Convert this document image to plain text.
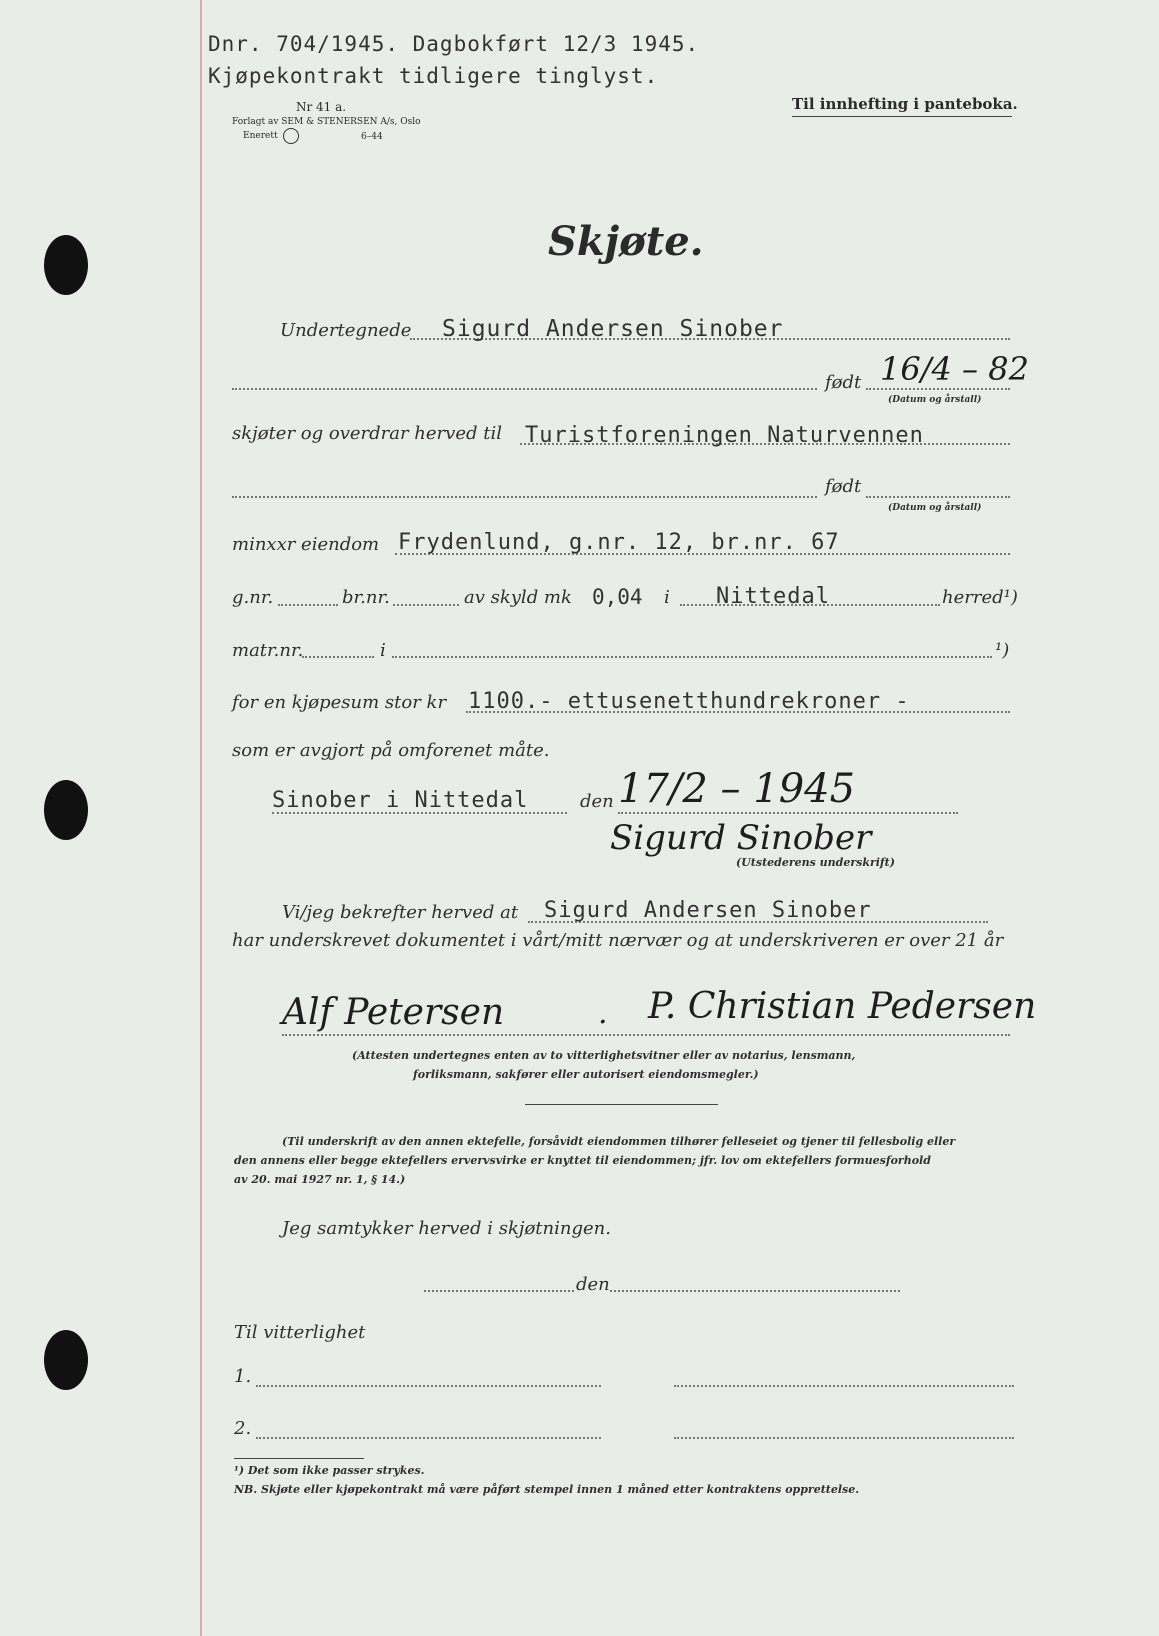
Dnr. 704/1945. Dagbokført 12/3 1945.
Kjøpekontrakt tidligere tinglyst.
Nr 41 a.
Forlagt av SEM & STENERSEN A/s, Oslo
Enerett	6–44
Til innhefting i panteboka.
Skjøte.
Undertegnede Sigurd Andersen Sinober
født 16/4 – 82
(Datum og årstall)
skjøter og overdrar herved til Turistforeningen Naturvennen
født
(Datum og årstall)
minxxr eiendom Frydenlund, g.nr. 12, br.nr. 67
g.nr.	br.nr.	av skyld mk 0,04 i Nittedal	herred¹)
matr.nr.	i	¹)
for en kjøpesum stor kr 1100.- ettusenetthundrekroner -
som er avgjort på omforenet måte.
Sinober i Nittedal	den 17/2 – 1945
Sigurd Sinober
(Utstederens underskrift)
Vi/jeg bekrefter herved at Sigurd Andersen Sinober
har underskrevet dokumentet i vårt/mitt nærvær og at underskriveren er over 21 år
Alf Petersen	. P. Christian Pedersen
(Attesten undertegnes enten av to vitterlighetsvitner eller av notarius, lensmann,
forliksmann, sakfører eller autorisert eiendomsmegler.)
(Til underskrift av den annen ektefelle, forsåvidt eiendommen tilhører felleseiet og tjener til fellesbolig eller
den annens eller begge ektefellers ervervsvirke er knyttet til eiendommen; jfr. lov om ektefellers formuesforhold
av 20. mai 1927 nr. 1, § 14.)
Jeg samtykker herved i skjøtningen.
den
Til vitterlighet
1.
2.
¹) Det som ikke passer strykes.
NB. Skjøte eller kjøpekontrakt må være påført stempel innen 1 måned etter kontraktens opprettelse.
